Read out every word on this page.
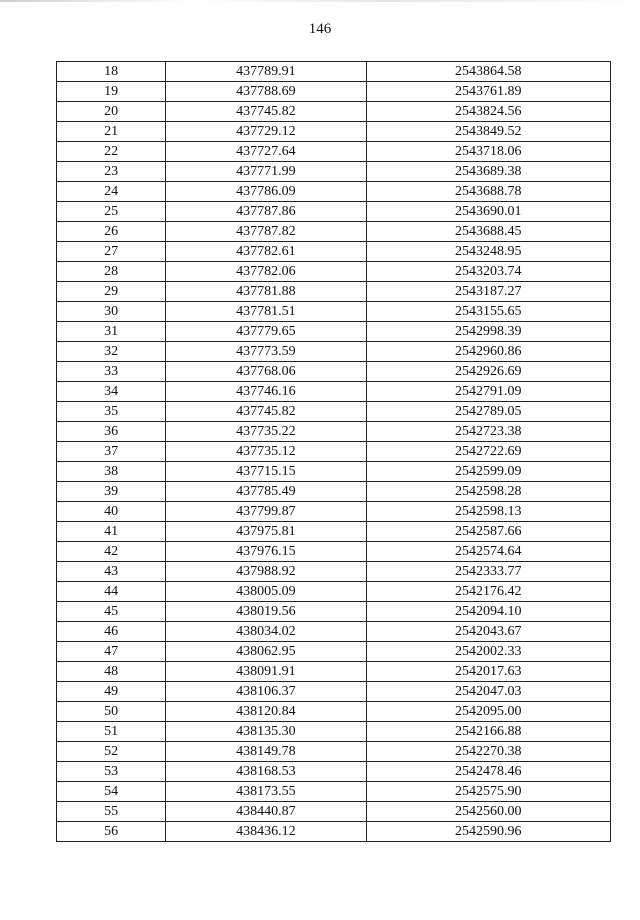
146
18	437789.91	2543864.58
19	437788.69	2543761.89
20	437745.82	2543824.56
21	437729.12	2543849.52
22	437727.64	2543718.06
23	437771.99	2543689.38
24	437786.09	2543688.78
25	437787.86	2543690.01
26	437787.82	2543688.45
27	437782.61	2543248.95
28	437782.06	2543203.74
29	437781.88	2543187.27
30	437781.51	2543155.65
31	437779.65	2542998.39
32	437773.59	2542960.86
33	437768.06	2542926.69
34	437746.16	2542791.09
35	437745.82	2542789.05
36	437735.22	2542723.38
37	437735.12	2542722.69
38	437715.15	2542599.09
39	437785.49	2542598.28
40	437799.87	2542598.13
41	437975.81	2542587.66
42	437976.15	2542574.64
43	437988.92	2542333.77
44	438005.09	2542176.42
45	438019.56	2542094.10
46	438034.02	2542043.67
47	438062.95	2542002.33
48	438091.91	2542017.63
49	438106.37	2542047.03
50	438120.84	2542095.00
51	438135.30	2542166.88
52	438149.78	2542270.38
53	438168.53	2542478.46
54	438173.55	2542575.90
55	438440.87	2542560.00
56	438436.12	2542590.96
